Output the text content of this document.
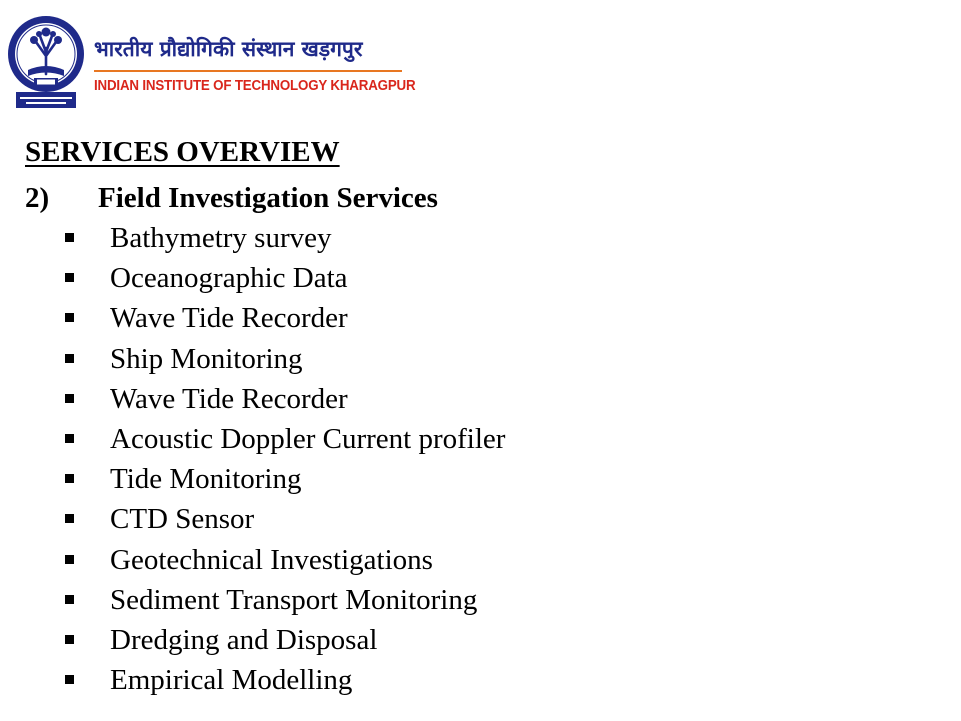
भारतीय प्रौद्योगिकी संस्थान खड़गपुर
INDIAN INSTITUTE OF TECHNOLOGY KHARAGPUR
SERVICES OVERVIEW
2) Field Investigation Services
Bathymetry survey
Oceanographic Data
Wave Tide Recorder
Ship Monitoring
Wave Tide Recorder
Acoustic Doppler Current profiler
Tide Monitoring
CTD Sensor
Geotechnical Investigations
Sediment Transport Monitoring
Dredging and Disposal
Empirical Modelling
